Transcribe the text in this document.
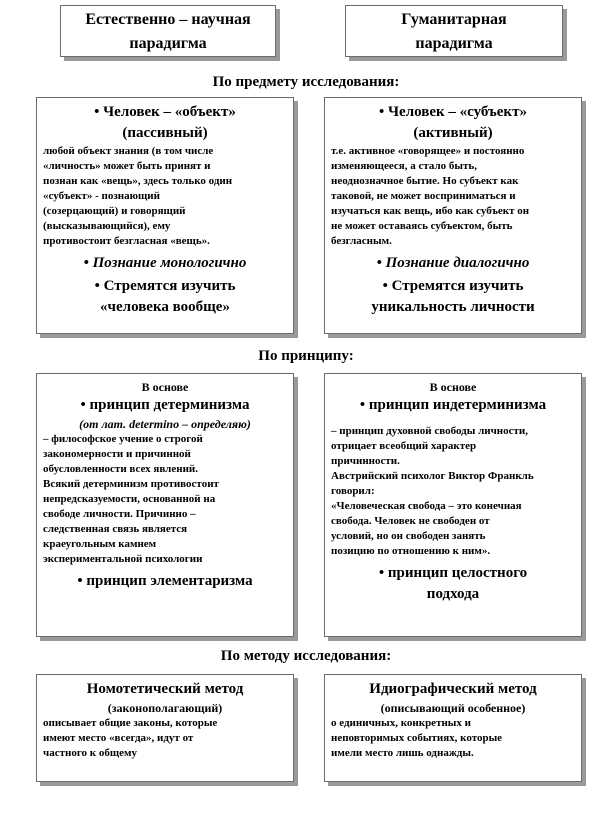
Естественно – научная
парадигма
Гуманитарная
парадигма
По предмету исследования:
• Человек – «объект»
(пассивный)
любой объект знания (в том числе
«личность» может быть принят и
познан как «вещь», здесь только один
«субъект» - познающий
(созерцающий) и говорящий
(высказывающийся), ему
противостоит безгласная «вещь».
• Познание монологично
• Стремятся изучить
«человека вообще»
• Человек – «субъект»
(активный)
т.е. активное «говорящее» и постоянно
изменяющееся, а стало быть,
неоднозначное бытие. Но субъект как
таковой, не может восприниматься и
изучаться как вещь, ибо как субъект он
не может оставаясь субъектом, быть
безгласным.
• Познание диалогично
• Стремятся изучить
уникальность личности
По принципу:
В основе
• принцип детерминизма
(от лат. determino – определяю)
– философское учение о строгой
закономерности и причинной
обусловленности всех явлений.
Всякий детерминизм противостоит
непредсказуемости, основанной на
свободе личности. Причинно –
следственная связь является
краеугольным камнем
экспериментальной психологии
• принцип элементаризма
В основе
• принцип индетерминизма
– принцип духовной свободы личности,
отрицает всеобщий характер
причинности.
Австрийский психолог Виктор Франкль
говорил:
«Человеческая свобода – это конечная
свобода. Человек не свободен от
условий, но он свободен занять
позицию по отношению к ним».
• принцип целостного
подхода
По методу исследования:
Номотетический метод
(законополагающий)
описывает общие законы, которые
имеют место «всегда», идут от
частного к общему
Идиографический метод
(описывающий особенное)
о единичных, конкретных и
неповторимых событиях, которые
имели место лишь однажды.
